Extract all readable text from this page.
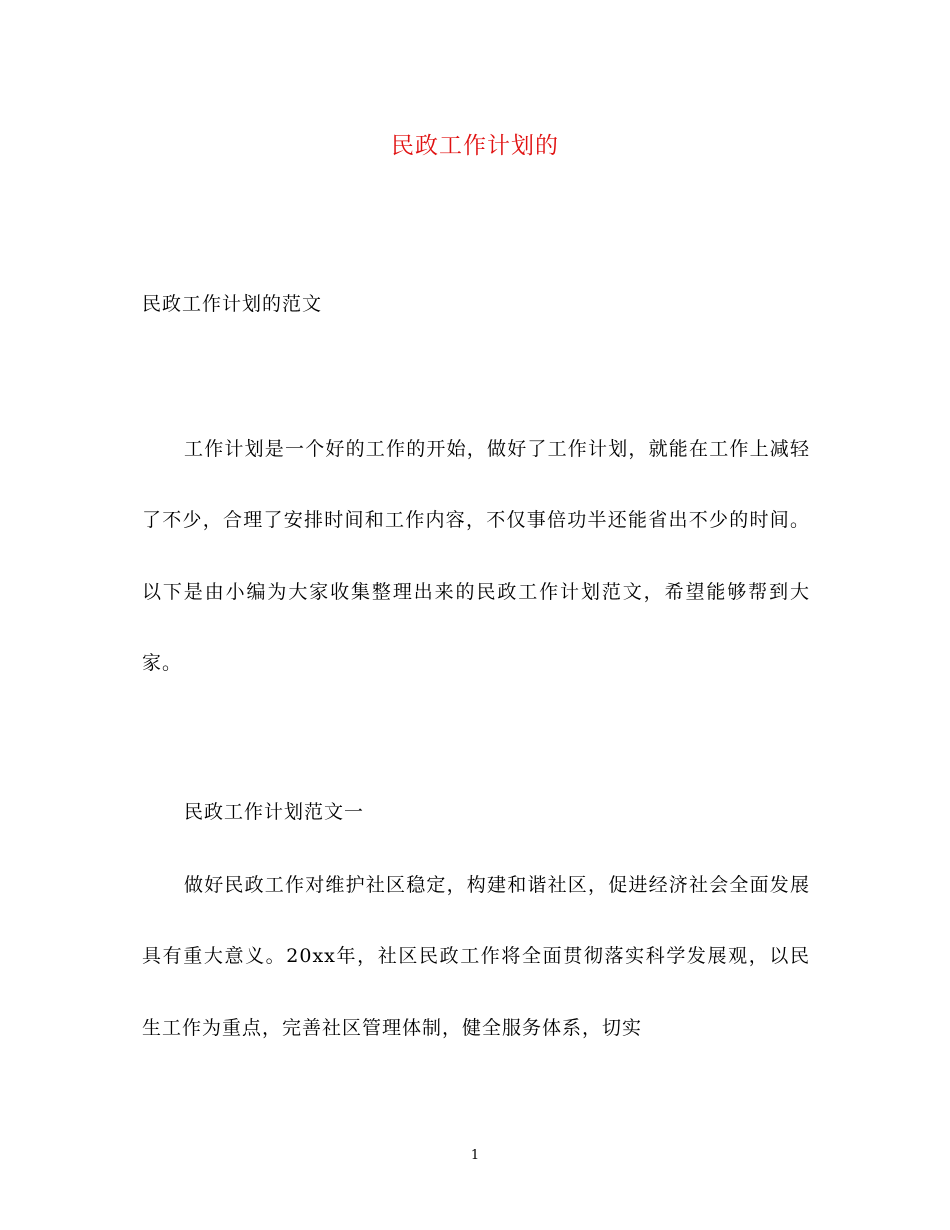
民政工作计划的
民政工作计划的范文

工作计划是一个好的工作的开始，做好了工作计划，就能在工作上减轻了不少，合理了安排时间和工作内容，不仅事倍功半还能省出不少的时间。以下是由小编为大家收集整理出来的民政工作计划范文，希望能够帮到大家。

民政工作计划范文一

做好民政工作对维护社区稳定，构建和谐社区，促进经济社会全面发展具有重大意义。20xx年，社区民政工作将全面贯彻落实科学发展观，以民生工作为重点，完善社区管理体制，健全服务体系，切实

1
